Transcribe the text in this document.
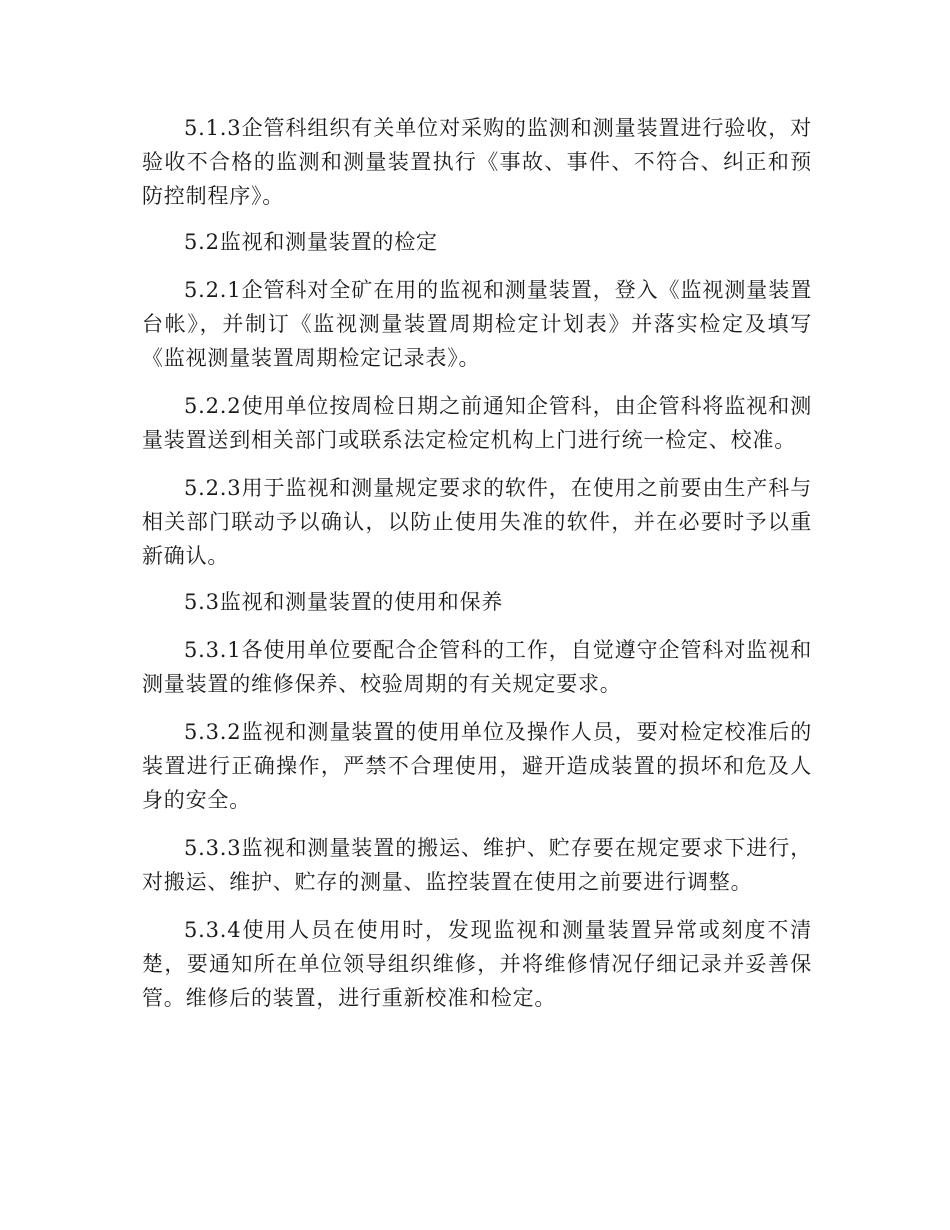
5.1.3企管科组织有关单位对采购的监测和测量装置进行验收，对验收不合格的监测和测量装置执行《事故、事件、不符合、纠正和预防控制程序》。

5.2监视和测量装置的检定

5.2.1企管科对全矿在用的监视和测量装置，登入《监视测量装置台帐》，并制订《监视测量装置周期检定计划表》并落实检定及填写《监视测量装置周期检定记录表》。

5.2.2使用单位按周检日期之前通知企管科，由企管科将监视和测量装置送到相关部门或联系法定检定机构上门进行统一检定、校准。

5.2.3用于监视和测量规定要求的软件，在使用之前要由生产科与相关部门联动予以确认，以防止使用失准的软件，并在必要时予以重新确认。

5.3监视和测量装置的使用和保养

5.3.1各使用单位要配合企管科的工作，自觉遵守企管科对监视和测量装置的维修保养、校验周期的有关规定要求。

5.3.2监视和测量装置的使用单位及操作人员，要对检定校准后的装置进行正确操作，严禁不合理使用，避开造成装置的损坏和危及人身的安全。

5.3.3监视和测量装置的搬运、维护、贮存要在规定要求下进行，对搬运、维护、贮存的测量、监控装置在使用之前要进行调整。

5.3.4使用人员在使用时，发现监视和测量装置异常或刻度不清楚，要通知所在单位领导组织维修，并将维修情况仔细记录并妥善保管。维修后的装置，进行重新校准和检定。
